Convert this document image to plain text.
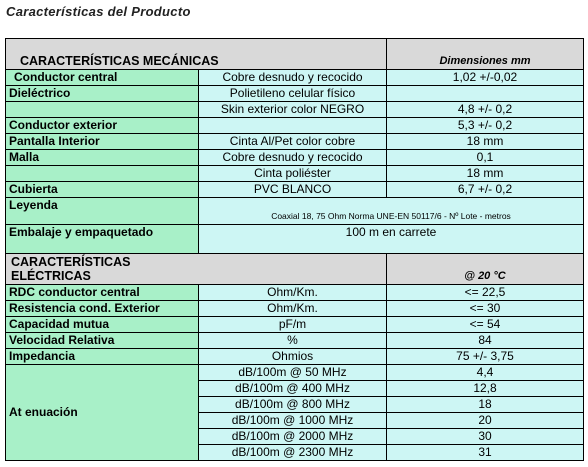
Características del Producto
CARACTERÍSTICAS MECÁNICAS		Dimensiones mm
Conductor central	Cobre desnudo y recocido	1,02 +/-0,02
Dieléctrico	Polietileno celular físico	
	Skin exterior color NEGRO	4,8 +/- 0,2
Conductor exterior		5,3 +/- 0,2
Pantalla Interior	Cinta Al/Pet color cobre	18 mm
Malla	Cobre desnudo y recocido	0,1
	Cinta poliéster	18 mm
Cubierta	PVC BLANCO	6,7 +/- 0,2
Leyenda	Coaxial 18, 75 Ohm Norma UNE-EN 50117/6 - Nº Lote - metros	
Embalaje y empaquetado	100 m en carrete	

CARACTERÍSTICAS
ELÉCTRICAS		@ 20 °C
RDC conductor central	Ohm/Km.	<= 22,5
Resistencia cond. Exterior	Ohm/Km.	<= 30
Capacidad mutua	pF/m	<= 54
Velocidad Relativa	%	84
Impedancia	Ohmios	75 +/- 3,75
At enuación	dB/100m @ 50 MHz	4,4
	dB/100m @ 400 MHz	12,8
	dB/100m @ 800 MHz	18
	dB/100m @ 1000 MHz	20
	dB/100m @ 2000 MHz	30
	dB/100m @ 2300 MHz	31
